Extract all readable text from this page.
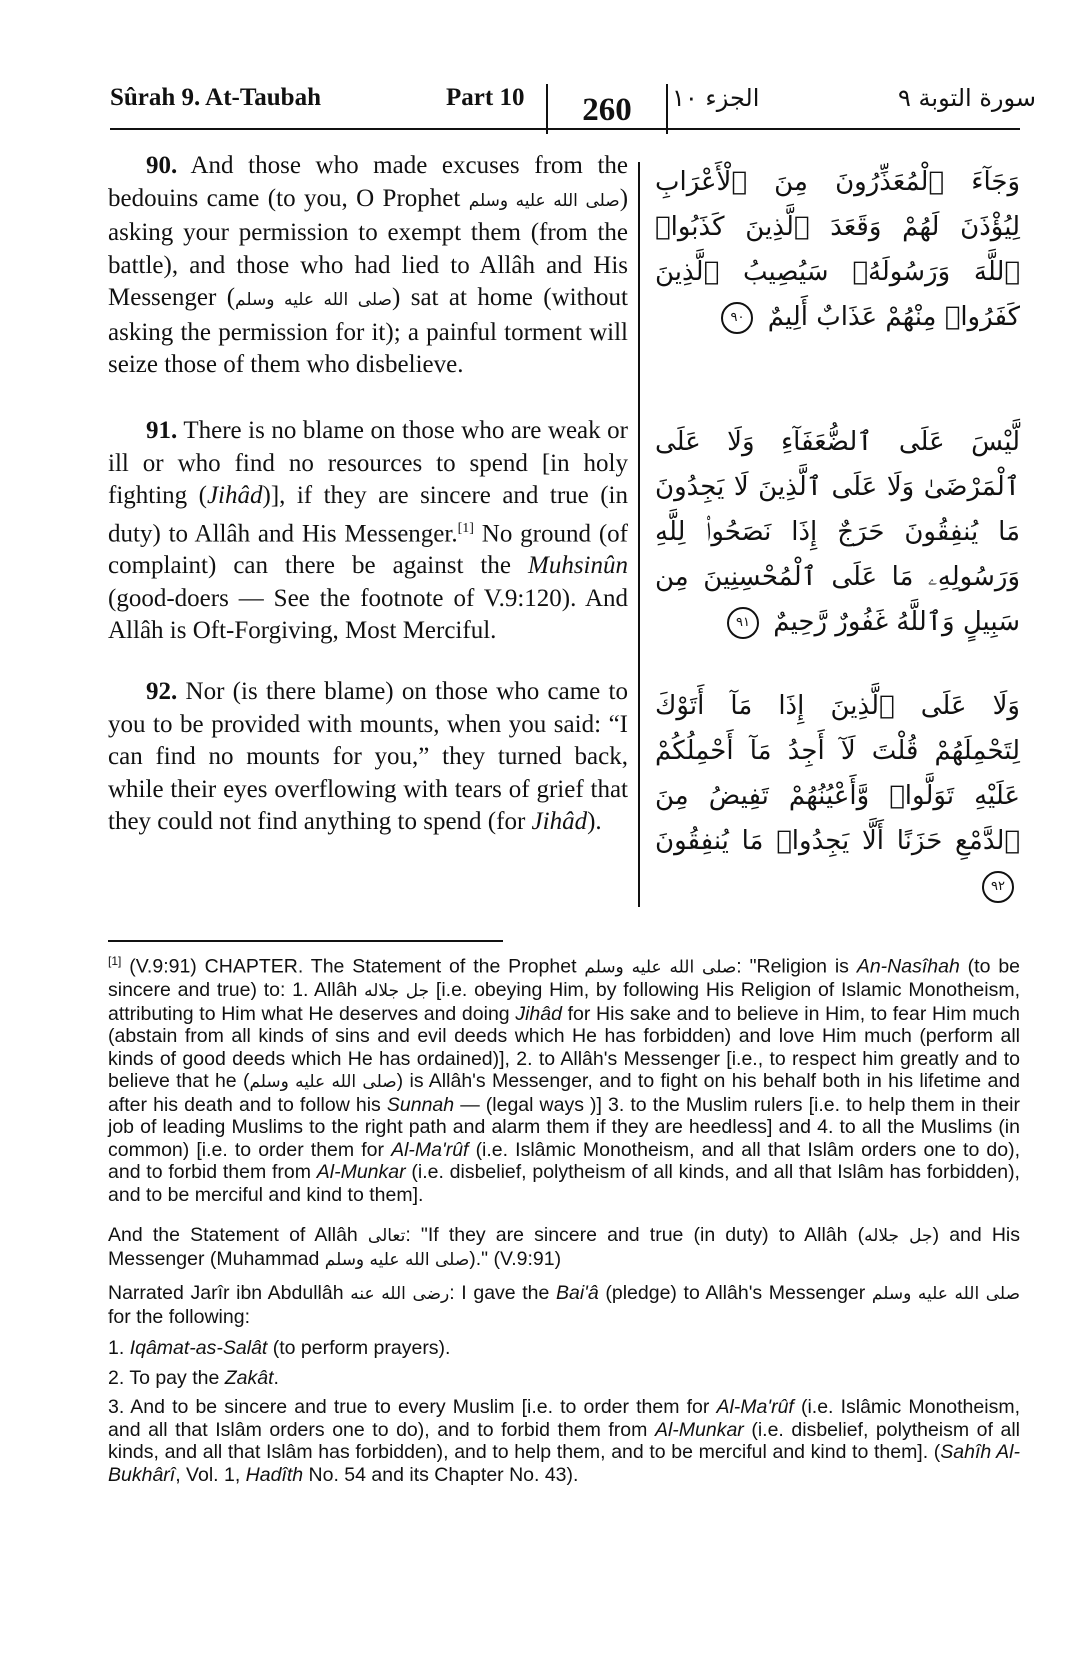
Sûrah 9. At-Taubah	Part 10	260	الجزء ١٠	سورة التوبة ٩

90. And those who made excuses from the bedouins came (to you, O Prophet صلى الله عليه وسلم) asking your permission to exempt them (from the battle), and those who had lied to Allâh and His Messenger (صلى الله عليه وسلم) sat at home (without asking the permission for it); a painful torment will seize those of them who disbelieve.

وَجَآءَ ٱلْمُعَذِّرُونَ مِنَ ٱلْأَعْرَابِ لِيُؤْذَنَ لَهُمْ وَقَعَدَ ٱلَّذِينَ كَذَبُوا۟ ٱللَّهَ وَرَسُولَهُۥ سَيُصِيبُ ٱلَّذِينَ كَفَرُوا۟ مِنْهُمْ عَذَابٌ أَلِيمٌ ٩٠

91. There is no blame on those who are weak or ill or who find no resources to spend [in holy fighting (Jihâd)], if they are sincere and true (in duty) to Allâh and His Messenger.[1] No ground (of complaint) can there be against the Muhsinûn (good-doers — See the footnote of V.9:120). And Allâh is Oft-Forgiving, Most Merciful.

لَّيْسَ عَلَى ٱلضُّعَفَآءِ وَلَا عَلَى ٱلْمَرْضَىٰ وَلَا عَلَى ٱلَّذِينَ لَا يَجِدُونَ مَا يُنفِقُونَ حَرَجٌ إِذَا نَصَحُوا۟ لِلَّهِ وَرَسُولِهِۦ مَا عَلَى ٱلْمُحْسِنِينَ مِن سَبِيلٍ وَٱللَّهُ غَفُورٌ رَّحِيمٌ ٩١

92. Nor (is there blame) on those who came to you to be provided with mounts, when you said: “I can find no mounts for you,” they turned back, while their eyes overflowing with tears of grief that they could not find anything to spend (for Jihâd).

وَلَا عَلَى ٱلَّذِينَ إِذَا مَآ أَتَوْكَ لِتَحْمِلَهُمْ قُلْتَ لَآ أَجِدُ مَآ أَحْمِلُكُمْ عَلَيْهِ تَوَلَّوا۟ وَّأَعْيُنُهُمْ تَفِيضُ مِنَ ٱلدَّمْعِ حَزَنًا أَلَّا يَجِدُوا۟ مَا يُنفِقُونَ ٩٢

[1] (V.9:91) CHAPTER. The Statement of the Prophet صلى الله عليه وسلم: "Religion is An-Nasîhah (to be sincere and true) to: 1. Allâh جل جلاله [i.e. obeying Him, by following His Religion of Islamic Monotheism, attributing to Him what He deserves and doing Jihâd for His sake and to believe in Him, to fear Him much (abstain from all kinds of sins and evil deeds which He has forbidden) and love Him much (perform all kinds of good deeds which He has ordained)], 2. to Allâh's Messenger [i.e., to respect him greatly and to believe that he (صلى الله عليه وسلم) is Allâh's Messenger, and to fight on his behalf both in his lifetime and after his death and to follow his Sunnah — (legal ways )] 3. to the Muslim rulers [i.e. to help them in their job of leading Muslims to the right path and alarm them if they are heedless] and 4. to all the Muslims (in common) [i.e. to order them for Al-Ma'rûf (i.e. Islâmic Monotheism, and all that Islâm orders one to do), and to forbid them from Al-Munkar (i.e. disbelief, polytheism of all kinds, and all that Islâm has forbidden), and to be merciful and kind to them].

And the Statement of Allâh تعالى: "If they are sincere and true (in duty) to Allâh (جل جلاله) and His Messenger (Muhammad صلى الله عليه وسلم)." (V.9:91)

Narrated Jarîr ibn Abdullâh رضى الله عنه: I gave the Bai'â (pledge) to Allâh's Messenger صلى الله عليه وسلم for the following:

1. Iqâmat-as-Salât (to perform prayers).

2. To pay the Zakât.

3. And to be sincere and true to every Muslim [i.e. to order them for Al-Ma'rûf (i.e. Islâmic Monotheism, and all that Islâm orders one to do), and to forbid them from Al-Munkar (i.e. disbelief, polytheism of all kinds, and all that Islâm has forbidden), and to help them, and to be merciful and kind to them]. (Sahîh Al-Bukhârî, Vol. 1, Hadîth No. 54 and its Chapter No. 43).
